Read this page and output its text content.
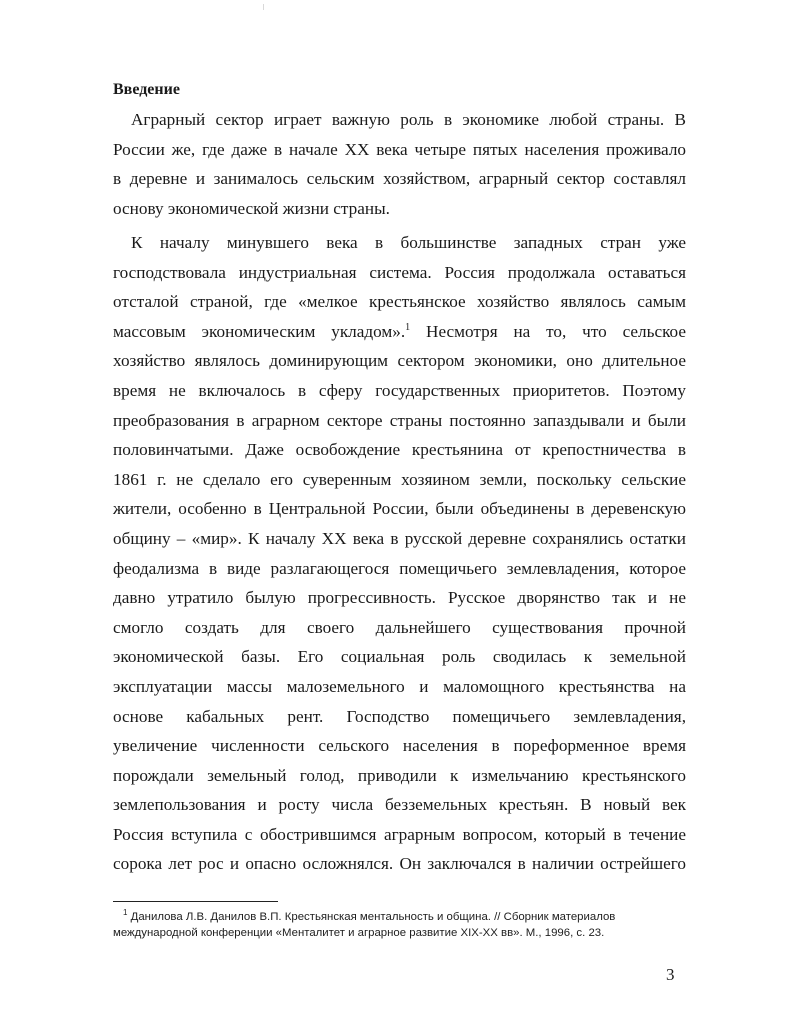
Введение
Аграрный сектор играет важную роль в экономике любой страны. В
России же, где даже в начале XX века четыре пятых населения проживало
в деревне и занималось сельским хозяйством, аграрный сектор составлял
основу экономической жизни страны.
К началу минувшего века в большинстве западных стран уже
господствовала индустриальная система. Россия продолжала оставаться
отсталой страной, где «мелкое крестьянское хозяйство являлось самым
массовым экономическим укладом».$^1$ Несмотря на то, что сельское
хозяйство являлось доминирующим сектором экономики, оно длительное
время не включалось в сферу государственных приоритетов. Поэтому
преобразования в аграрном секторе страны постоянно запаздывали и были
половинчатыми. Даже освобождение крестьянина от крепостничества в
1861 г. не сделало его суверенным хозяином земли, поскольку сельские
жители, особенно в Центральной России, были объединены в деревенскую
общину – «мир». К началу XX века в русской деревне сохранялись остатки
феодализма в виде разлагающегося помещичьего землевладения, которое
давно утратило былую прогрессивность. Русское дворянство так и не
смогло создать для своего дальнейшего существования прочной
экономической базы. Его социальная роль сводилась к земельной
эксплуатации массы малоземельного и маломощного крестьянства на
основе кабальных рент. Господство помещичьего землевладения,
увеличение численности сельского населения в пореформенное время
порождали земельный голод, приводили к измельчанию крестьянского
землепользования и росту числа безземельных крестьян. В новый век
Россия вступила с обострившимся аграрным вопросом, который в течение
сорока лет рос и опасно осложнялся. Он заключался в наличии острейшего
$^1$ Данилова Л.В. Данилов В.П. Крестьянская ментальность и община. // Сборник материалов
международной конференции «Менталитет и аграрное развитие XIX-XX вв». М., 1996, с. 23.
3
